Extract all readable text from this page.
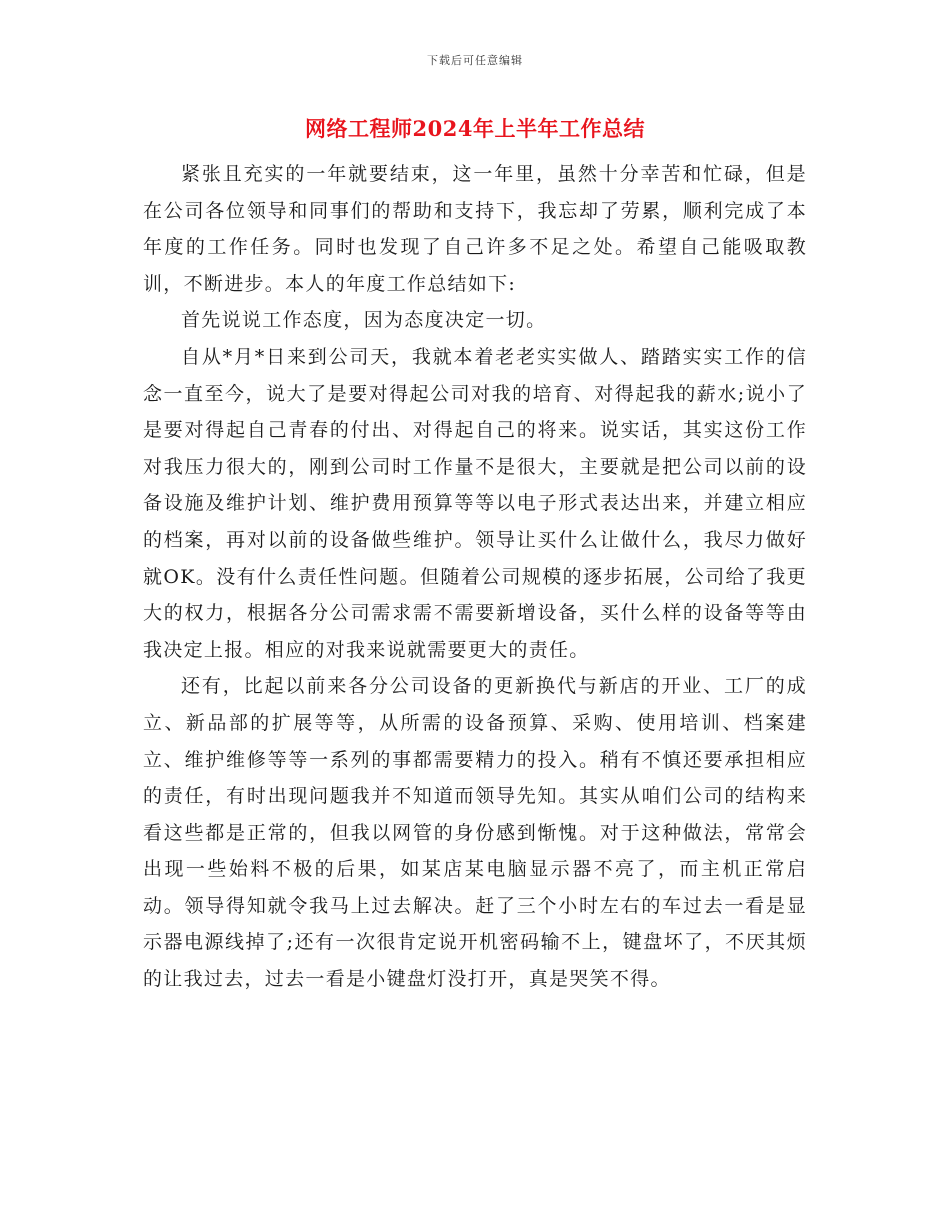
下载后可任意编辑
网络工程师2024年上半年工作总结

紧张且充实的一年就要结束，这一年里，虽然十分幸苦和忙碌，但是在公司各位领导和同事们的帮助和支持下，我忘却了劳累，顺利完成了本年度的工作任务。同时也发现了自己许多不足之处。希望自己能吸取教训，不断进步。本人的年度工作总结如下:

首先说说工作态度，因为态度决定一切。

自从*月*日来到公司天，我就本着老老实实做人、踏踏实实工作的信念一直至今，说大了是要对得起公司对我的培育、对得起我的薪水;说小了是要对得起自己青春的付出、对得起自己的将来。说实话，其实这份工作对我压力很大的，刚到公司时工作量不是很大，主要就是把公司以前的设备设施及维护计划、维护费用预算等等以电子形式表达出来，并建立相应的档案，再对以前的设备做些维护。领导让买什么让做什么，我尽力做好就OK。没有什么责任性问题。但随着公司规模的逐步拓展，公司给了我更大的权力，根据各分公司需求需不需要新增设备，买什么样的设备等等由我决定上报。相应的对我来说就需要更大的责任。

还有，比起以前来各分公司设备的更新换代与新店的开业、工厂的成立、新品部的扩展等等，从所需的设备预算、采购、使用培训、档案建立、维护维修等等一系列的事都需要精力的投入。稍有不慎还要承担相应的责任，有时出现问题我并不知道而领导先知。其实从咱们公司的结构来看这些都是正常的，但我以网管的身份感到惭愧。对于这种做法，常常会出现一些始料不极的后果，如某店某电脑显示器不亮了，而主机正常启动。领导得知就令我马上过去解决。赶了三个小时左右的车过去一看是显示器电源线掉了;还有一次很肯定说开机密码输不上，键盘坏了，不厌其烦的让我过去，过去一看是小键盘灯没打开，真是哭笑不得。
